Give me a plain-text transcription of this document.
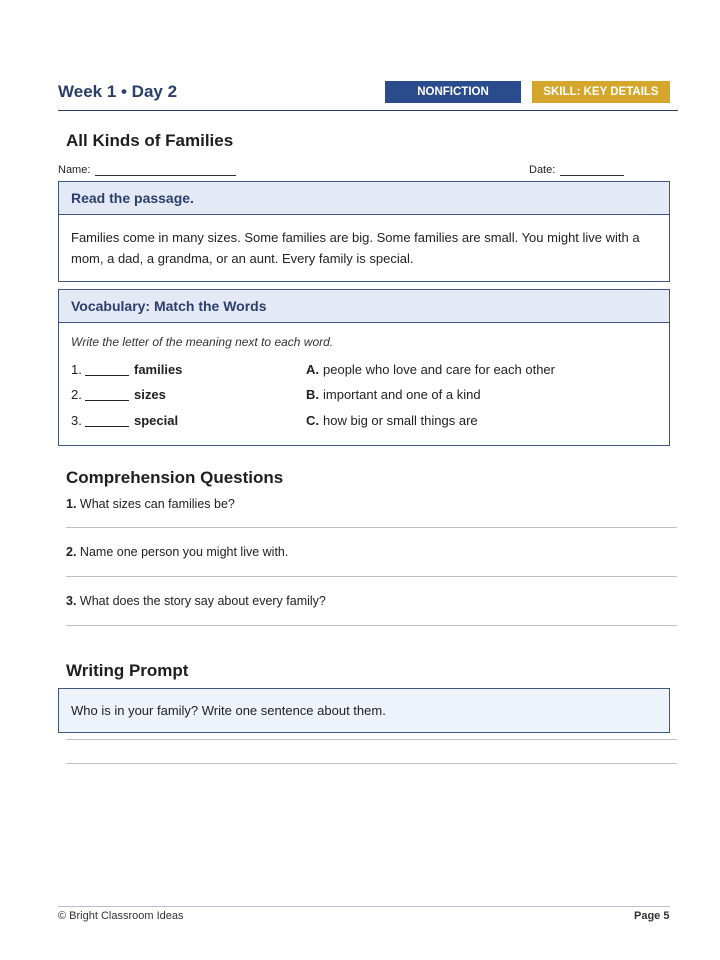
Week 1 • Day 2	NONFICTION	SKILL: KEY DETAILS
All Kinds of Families
Name:	Date:
Read the passage.
Families come in many sizes. Some families are big. Some families are small. You might live with a mom, a dad, a grandma, or an aunt. Every family is special.
Vocabulary: Match the Words
Write the letter of the meaning next to each word.
1.	families	A. people who love and care for each other
2.	sizes	B. important and one of a kind
3.	special	C. how big or small things are
Comprehension Questions
1. What sizes can families be?
2. Name one person you might live with.
3. What does the story say about every family?
Writing Prompt
Who is in your family? Write one sentence about them.
© Bright Classroom Ideas	Page 5
